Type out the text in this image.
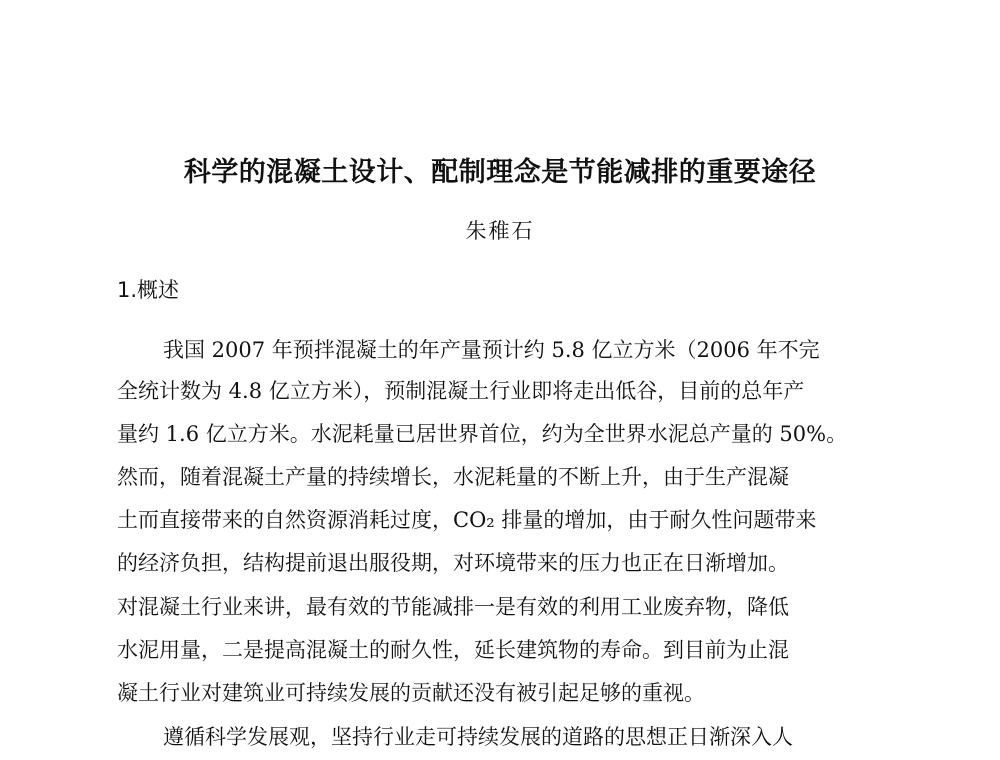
科学的混凝土设计、配制理念是节能减排的重要途径
朱稚石
1.概述
我国 2007 年预拌混凝土的年产量预计约 5.8 亿立方米（2006 年不完
全统计数为 4.8 亿立方米），预制混凝土行业即将走出低谷，目前的总年产
量约 1.6 亿立方米。水泥耗量已居世界首位，约为全世界水泥总产量的 50%。
然而，随着混凝土产量的持续增长，水泥耗量的不断上升，由于生产混凝
土而直接带来的自然资源消耗过度，CO₂ 排量的增加，由于耐久性问题带来
的经济负担，结构提前退出服役期，对环境带来的压力也正在日渐增加。
对混凝土行业来讲，最有效的节能减排一是有效的利用工业废弃物，降低
水泥用量，二是提高混凝土的耐久性，延长建筑物的寿命。到目前为止混
凝土行业对建筑业可持续发展的贡献还没有被引起足够的重视。
遵循科学发展观，坚持行业走可持续发展的道路的思想正日渐深入人
